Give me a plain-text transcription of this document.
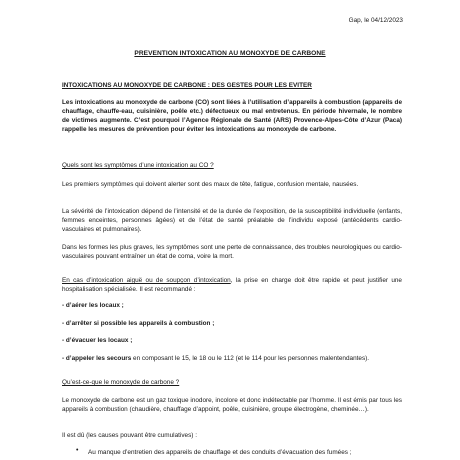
Gap, le 04/12/2023
PREVENTION INTOXICATION AU MONOXYDE DE CARBONE

INTOXICATIONS AU MONOXYDE DE CARBONE : DES GESTES POUR LES EVITER

Les intoxications au monoxyde de carbone (CO) sont liées à l’utilisation d’appareils à combustion (appareils de chauffage, chauffe-eau, cuisinière, poêle etc.) défectueux ou mal entretenus. En période hivernale, le nombre de victimes augmente. C’est pourquoi l’Agence Régionale de Santé (ARS) Provence-Alpes-Côte d’Azur (Paca) rappelle les mesures de prévention pour éviter les intoxications au monoxyde de carbone.

Quels sont les symptômes d’une intoxication au CO ?

Les premiers symptômes qui doivent alerter sont des maux de tête, fatigue, confusion mentale, nausées.

La sévérité de l’intoxication dépend de l’intensité et de la durée de l’exposition, de la susceptibilité individuelle (enfants, femmes enceintes, personnes âgées) et de l’état de santé préalable de l’individu exposé (antécédents cardio-vasculaires et pulmonaires).

Dans les formes les plus graves, les symptômes sont une perte de connaissance, des troubles neurologiques ou cardio-vasculaires pouvant entraîner un état de coma, voire la mort.

En cas d’intoxication aiguë ou de soupçon d’intoxication, la prise en charge doit être rapide et peut justifier une hospitalisation spécialisée. Il est recommandé :

- d’aérer les locaux ;

- d’arrêter si possible les appareils à combustion ;

- d’évacuer les locaux ;

- d’appeler les secours en composant le 15, le 18 ou le 112 (et le 114 pour les personnes malentendantes).

Qu’est-ce-que le monoxyde de carbone ?

Le monoxyde de carbone est un gaz toxique inodore, incolore et donc indétectable par l’homme. Il est émis par tous les appareils à combustion (chaudière, chauffage d’appoint, poêle, cuisinière, groupe électrogène, cheminée…).

Il est dû (les causes pouvant être cumulatives) :

• Au manque d’entretien des appareils de chauffage et des conduits d’évacuation des fumées ;
